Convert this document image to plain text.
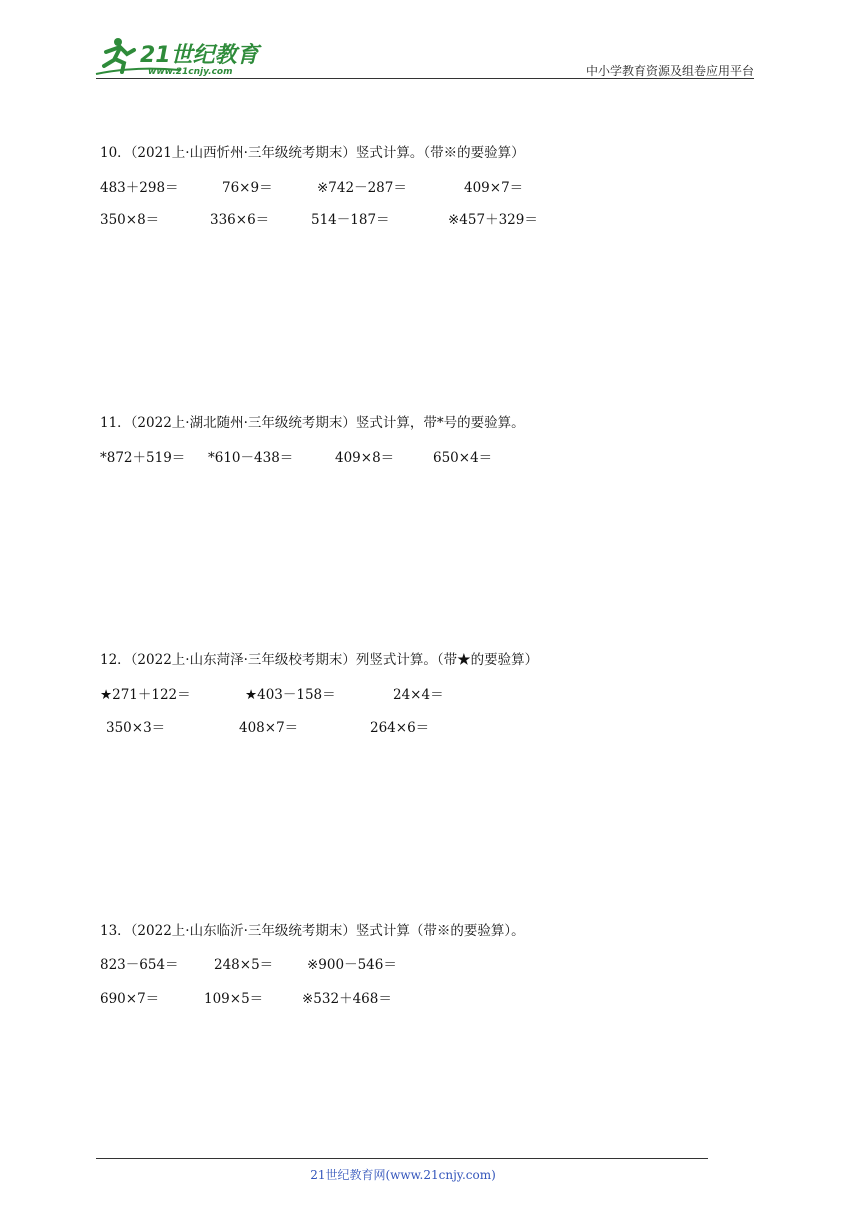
21世纪教育
www.21cnjy.com	中小学教育资源及组卷应用平台
10．（2021上·山西忻州·三年级统考期末）竖式计算。（带※的要验算）
483＋298＝	76×9＝	※742－287＝	409×7＝
350×8＝	336×6＝	514－187＝	※457＋329＝
11．（2022上·湖北随州·三年级统考期末）竖式计算，带*号的要验算。
*872＋519＝ *610－438＝	409×8＝	650×4＝
12．（2022上·山东菏泽·三年级校考期末）列竖式计算。（带★的要验算）
★271＋122＝	★403－158＝	24×4＝
350×3＝	408×7＝	264×6＝
13．（2022上·山东临沂·三年级统考期末）竖式计算（带※的要验算）。
823－654＝	248×5＝	※900－546＝
690×7＝	109×5＝	※532＋468＝
21世纪教育网(www.21cnjy.com)
